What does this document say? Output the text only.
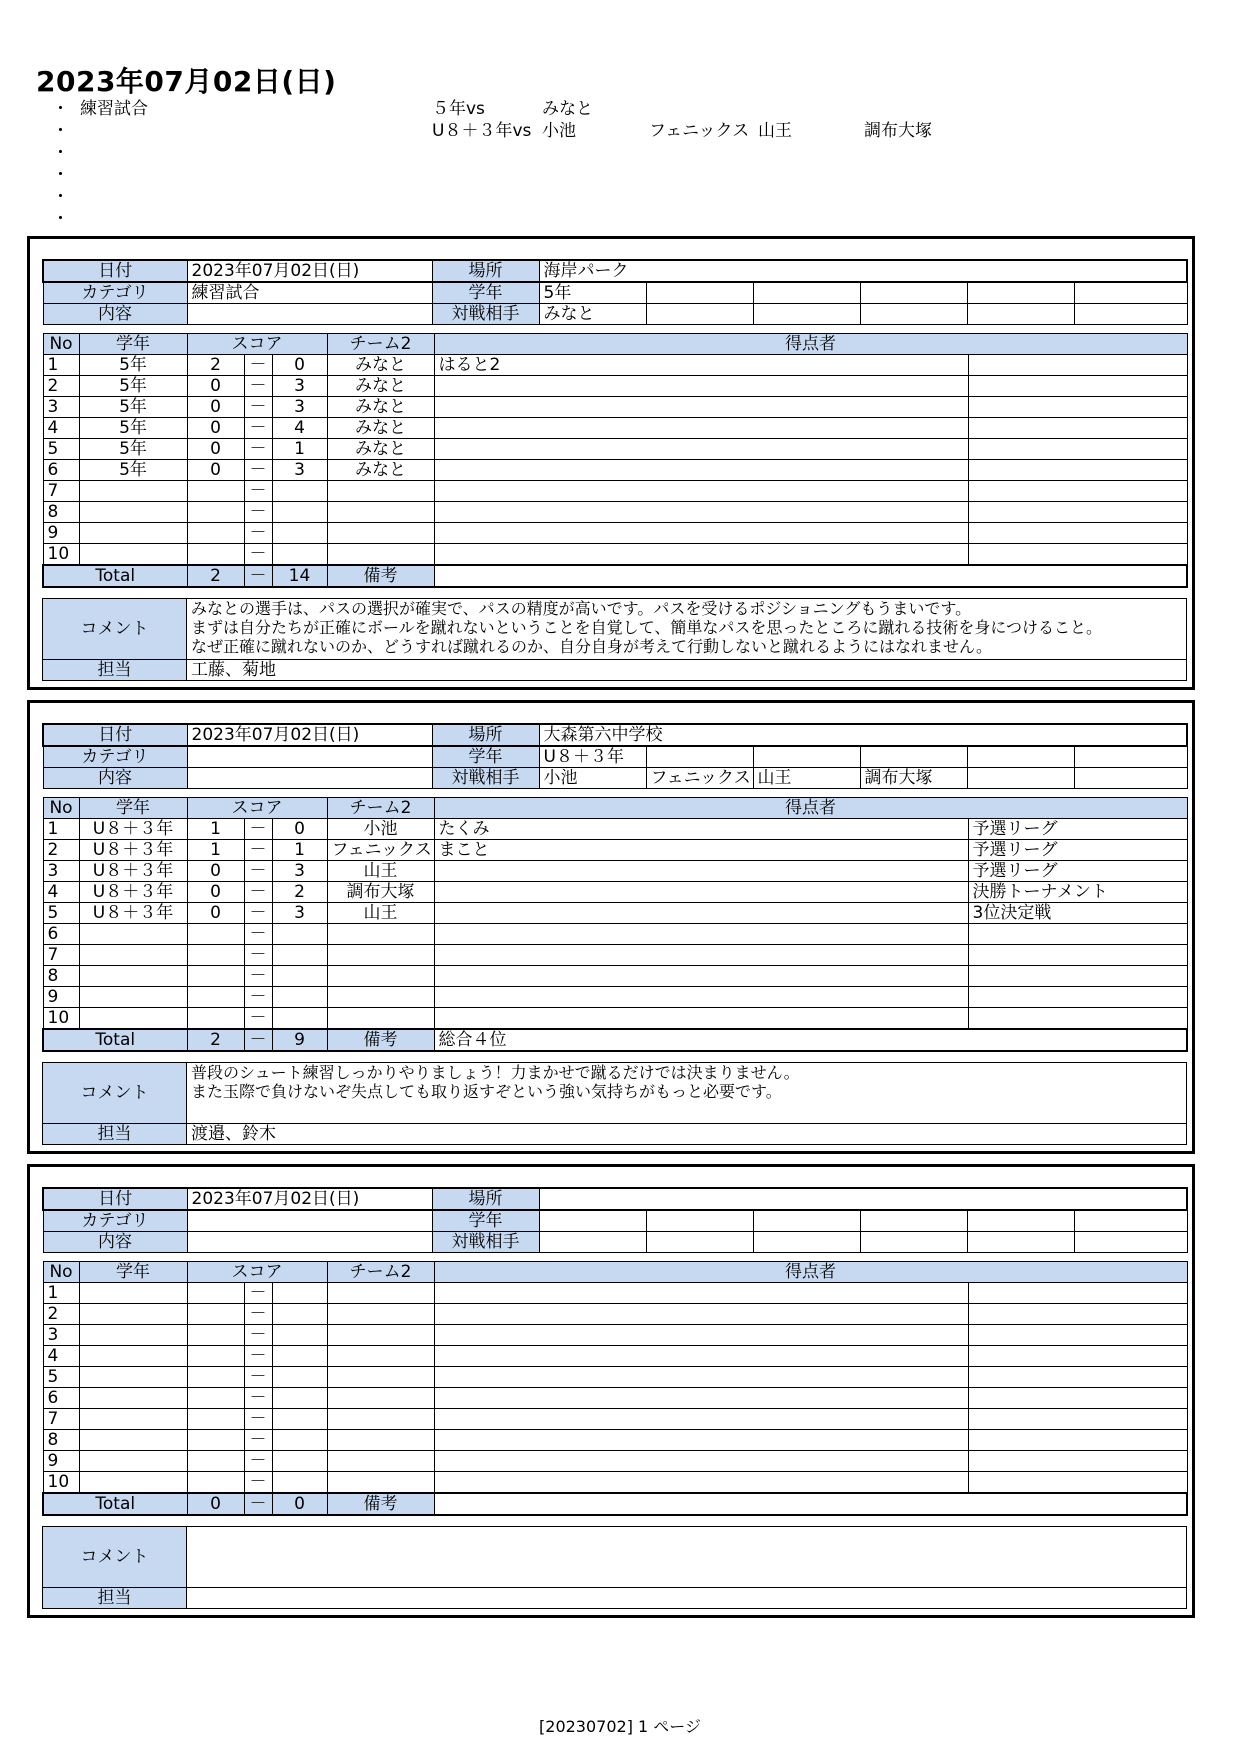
2023年07月02日(日)
・ 練習試合	５年vs	みなと
・	U８＋３年vs 小池	フェニックス 山王	調布大塚
・
・
・
・
日付	2023年07月02日(日)	場所	海岸パーク					
カテゴリ	練習試合	学年	5年					
内容		対戦相手	みなと					
No	学年	スコア			チーム2	得点者	
1	5年	2	－	0	みなと	はると2	
2	5年	0	－	3	みなと		
3	5年	0	－	3	みなと		
4	5年	0	－	4	みなと		
5	5年	0	－	1	みなと		
6	5年	0	－	3	みなと		
7			－				
8			－				
9			－				
10			－				
Total		2	－	14	備考		
コメント	みなとの選手は、パスの選択が確実で、パスの精度が高いです。パスを受けるポジショニングもうまいです。
まずは自分たちが正確にボールを蹴れないということを自覚して、簡単なパスを思ったところに蹴れる技術を身につけること。
なぜ正確に蹴れないのか、どうすれば蹴れるのか、自分自身が考えて行動しないと蹴れるようにはなれません。

担当	工藤、菊地
日付	2023年07月02日(日)	場所	大森第六中学校					
カテゴリ		学年	U８＋３年					
内容		対戦相手	小池	フェニックス	山王	調布大塚		
No	学年	スコア			チーム2	得点者	
1	U８＋３年	1	－	0	小池	たくみ	予選リーグ
2	U８＋３年	1	－	1	フェニックス	まこと	予選リーグ
3	U８＋３年	0	－	3	山王		予選リーグ
4	U８＋３年	0	－	2	調布大塚		決勝トーナメント
5	U８＋３年	0	－	3	山王		3位決定戦
6			－				
7			－				
8			－				
9			－				
10			－				
Total		2	－	9	備考	総合４位	
コメント	普段のシュート練習しっかりやりましょう！力まかせで蹴るだけでは決まりません。
また玉際で負けないぞ失点しても取り返すぞという強い気持ちがもっと必要です。

担当	渡邉、鈴木
日付	2023年07月02日(日)	場所						
カテゴリ		学年						
内容		対戦相手						
No	学年	スコア			チーム2	得点者	
1			－				
2			－				
3			－				
4			－				
5			－				
6			－				
7			－				
8			－				
9			－				
10			－				
Total		0	－	0	備考		
コメント	

担当	
[20230702] 1 ページ
